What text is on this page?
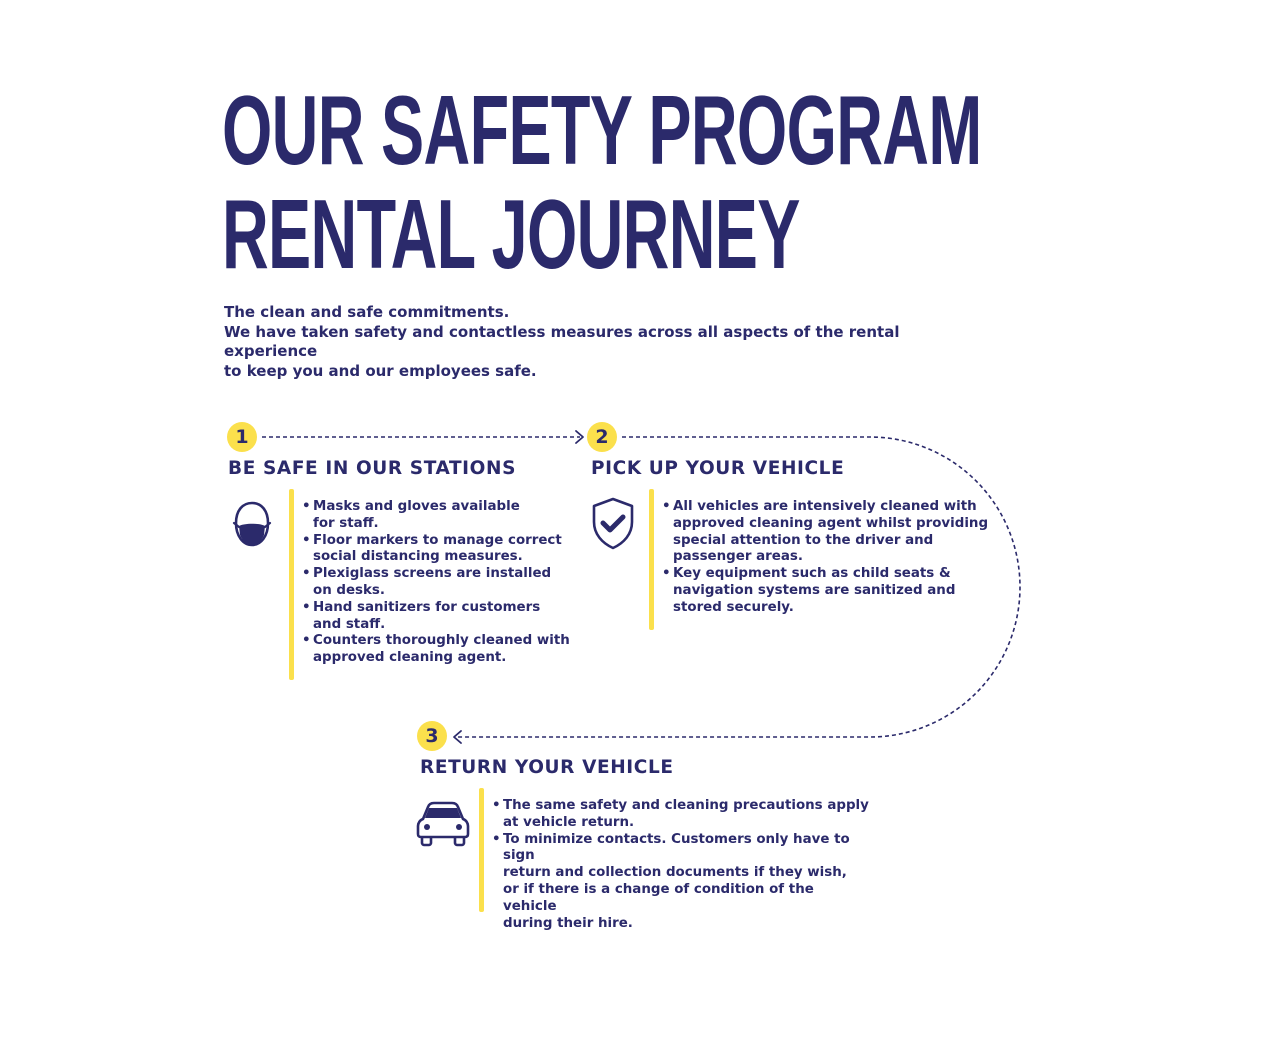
OUR SAFETY PROGRAM
RENTAL JOURNEY
The clean and safe commitments.
We have taken safety and contactless measures across all aspects of the rental experience
to keep you and our employees safe.
1
BE SAFE IN OUR STATIONS
• Masks and gloves available
for staff.
• Floor markers to manage correct
social distancing measures.
• Plexiglass screens are installed
on desks.
• Hand sanitizers for customers
and staff.
• Counters thoroughly cleaned with
approved cleaning agent.
2
PICK UP YOUR VEHICLE
• All vehicles are intensively cleaned with
approved cleaning agent whilst providing
special attention to the driver and
passenger areas.
• Key equipment such as child seats &
navigation systems are sanitized and
stored securely.
3
RETURN YOUR VEHICLE
• The same safety and cleaning precautions apply
at vehicle return.
• To minimize contacts. Customers only have to sign
return and collection documents if they wish,
or if there is a change of condition of the vehicle
during their hire.
